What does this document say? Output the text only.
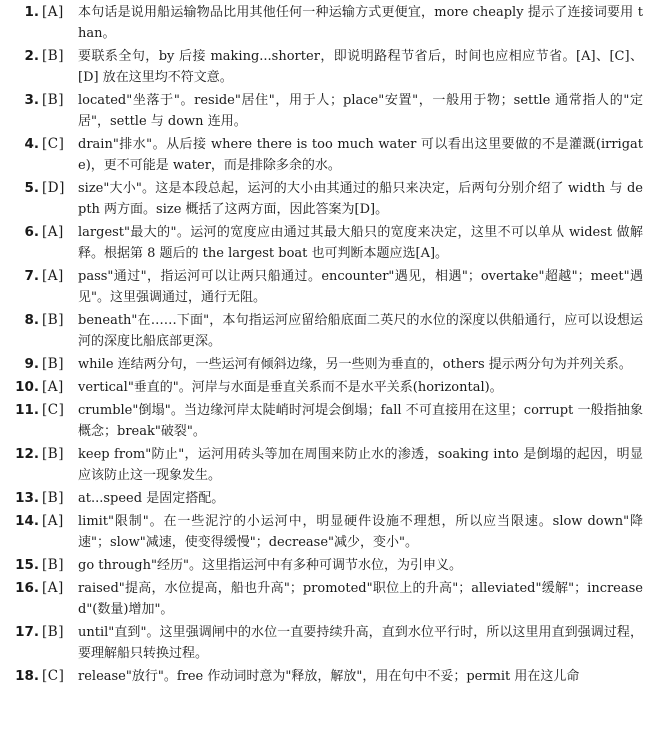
1. [A]	本句话是说用船运输物品比用其他任何一种运输方式更便宜，more cheaply 提示了连接词要用 than。
2. [B]	要联系全句，by 后接 making...shorter，即说明路程节省后，时间也应相应节省。[A]、[C]、[D] 放在这里均不符文意。
3. [B]	located"坐落于"。reside"居住"，用于人；place"安置"，一般用于物；settle 通常指人的"定居"，settle 与 down 连用。
4. [C]	drain"排水"。从后接 where there is too much water 可以看出这里要做的不是灌溉(irrigate)，更不可能是 water，而是排除多余的水。
5. [D]	size"大小"。这是本段总起，运河的大小由其通过的船只来决定，后两句分别介绍了 width 与 depth 两方面。size 概括了这两方面，因此答案为[D]。
6. [A]	largest"最大的"。运河的宽度应由通过其最大船只的宽度来决定，这里不可以单从 widest 做解释。根据第 8 题后的 the largest boat 也可判断本题应选[A]。
7. [A]	pass"通过"，指运河可以让两只船通过。encounter"遇见，相遇"；overtake"超越"；meet"遇见"。这里强调通过，通行无阻。
8. [B]	beneath"在……下面"，本句指运河应留给船底面二英尺的水位的深度以供船通行，应可以设想运河的深度比船底部更深。
9. [B]	while 连结两分句，一些运河有倾斜边缘，另一些则为垂直的，others 提示两分句为并列关系。
10. [A]	vertical"垂直的"。河岸与水面是垂直关系而不是水平关系(horizontal)。
11. [C]	crumble"倒塌"。当边缘河岸太陡峭时河堤会倒塌；fall 不可直接用在这里；corrupt 一般指抽象概念；break"破裂"。
12. [B]	keep from"防止"，运河用砖头等加在周围来防止水的渗透，soaking into 是倒塌的起因，明显应该防止这一现象发生。
13. [B]	at...speed 是固定搭配。
14. [A]	limit"限制"。在一些泥泞的小运河中，明显硬件设施不理想，所以应当限速。slow down"降速"；slow"减速，使变得缓慢"；decrease"减少，变小"。
15. [B]	go through"经历"。这里指运河中有多种可调节水位，为引申义。
16. [A]	raised"提高，水位提高，船也升高"；promoted"职位上的升高"；alleviated"缓解"；increased"(数量)增加"。
17. [B]	until"直到"。这里强调闸中的水位一直要持续升高，直到水位平行时，所以这里用直到强调过程，要理解船只转换过程。
18. [C]	release"放行"。free 作动词时意为"释放，解放"，用在句中不妥；permit 用在这儿命
